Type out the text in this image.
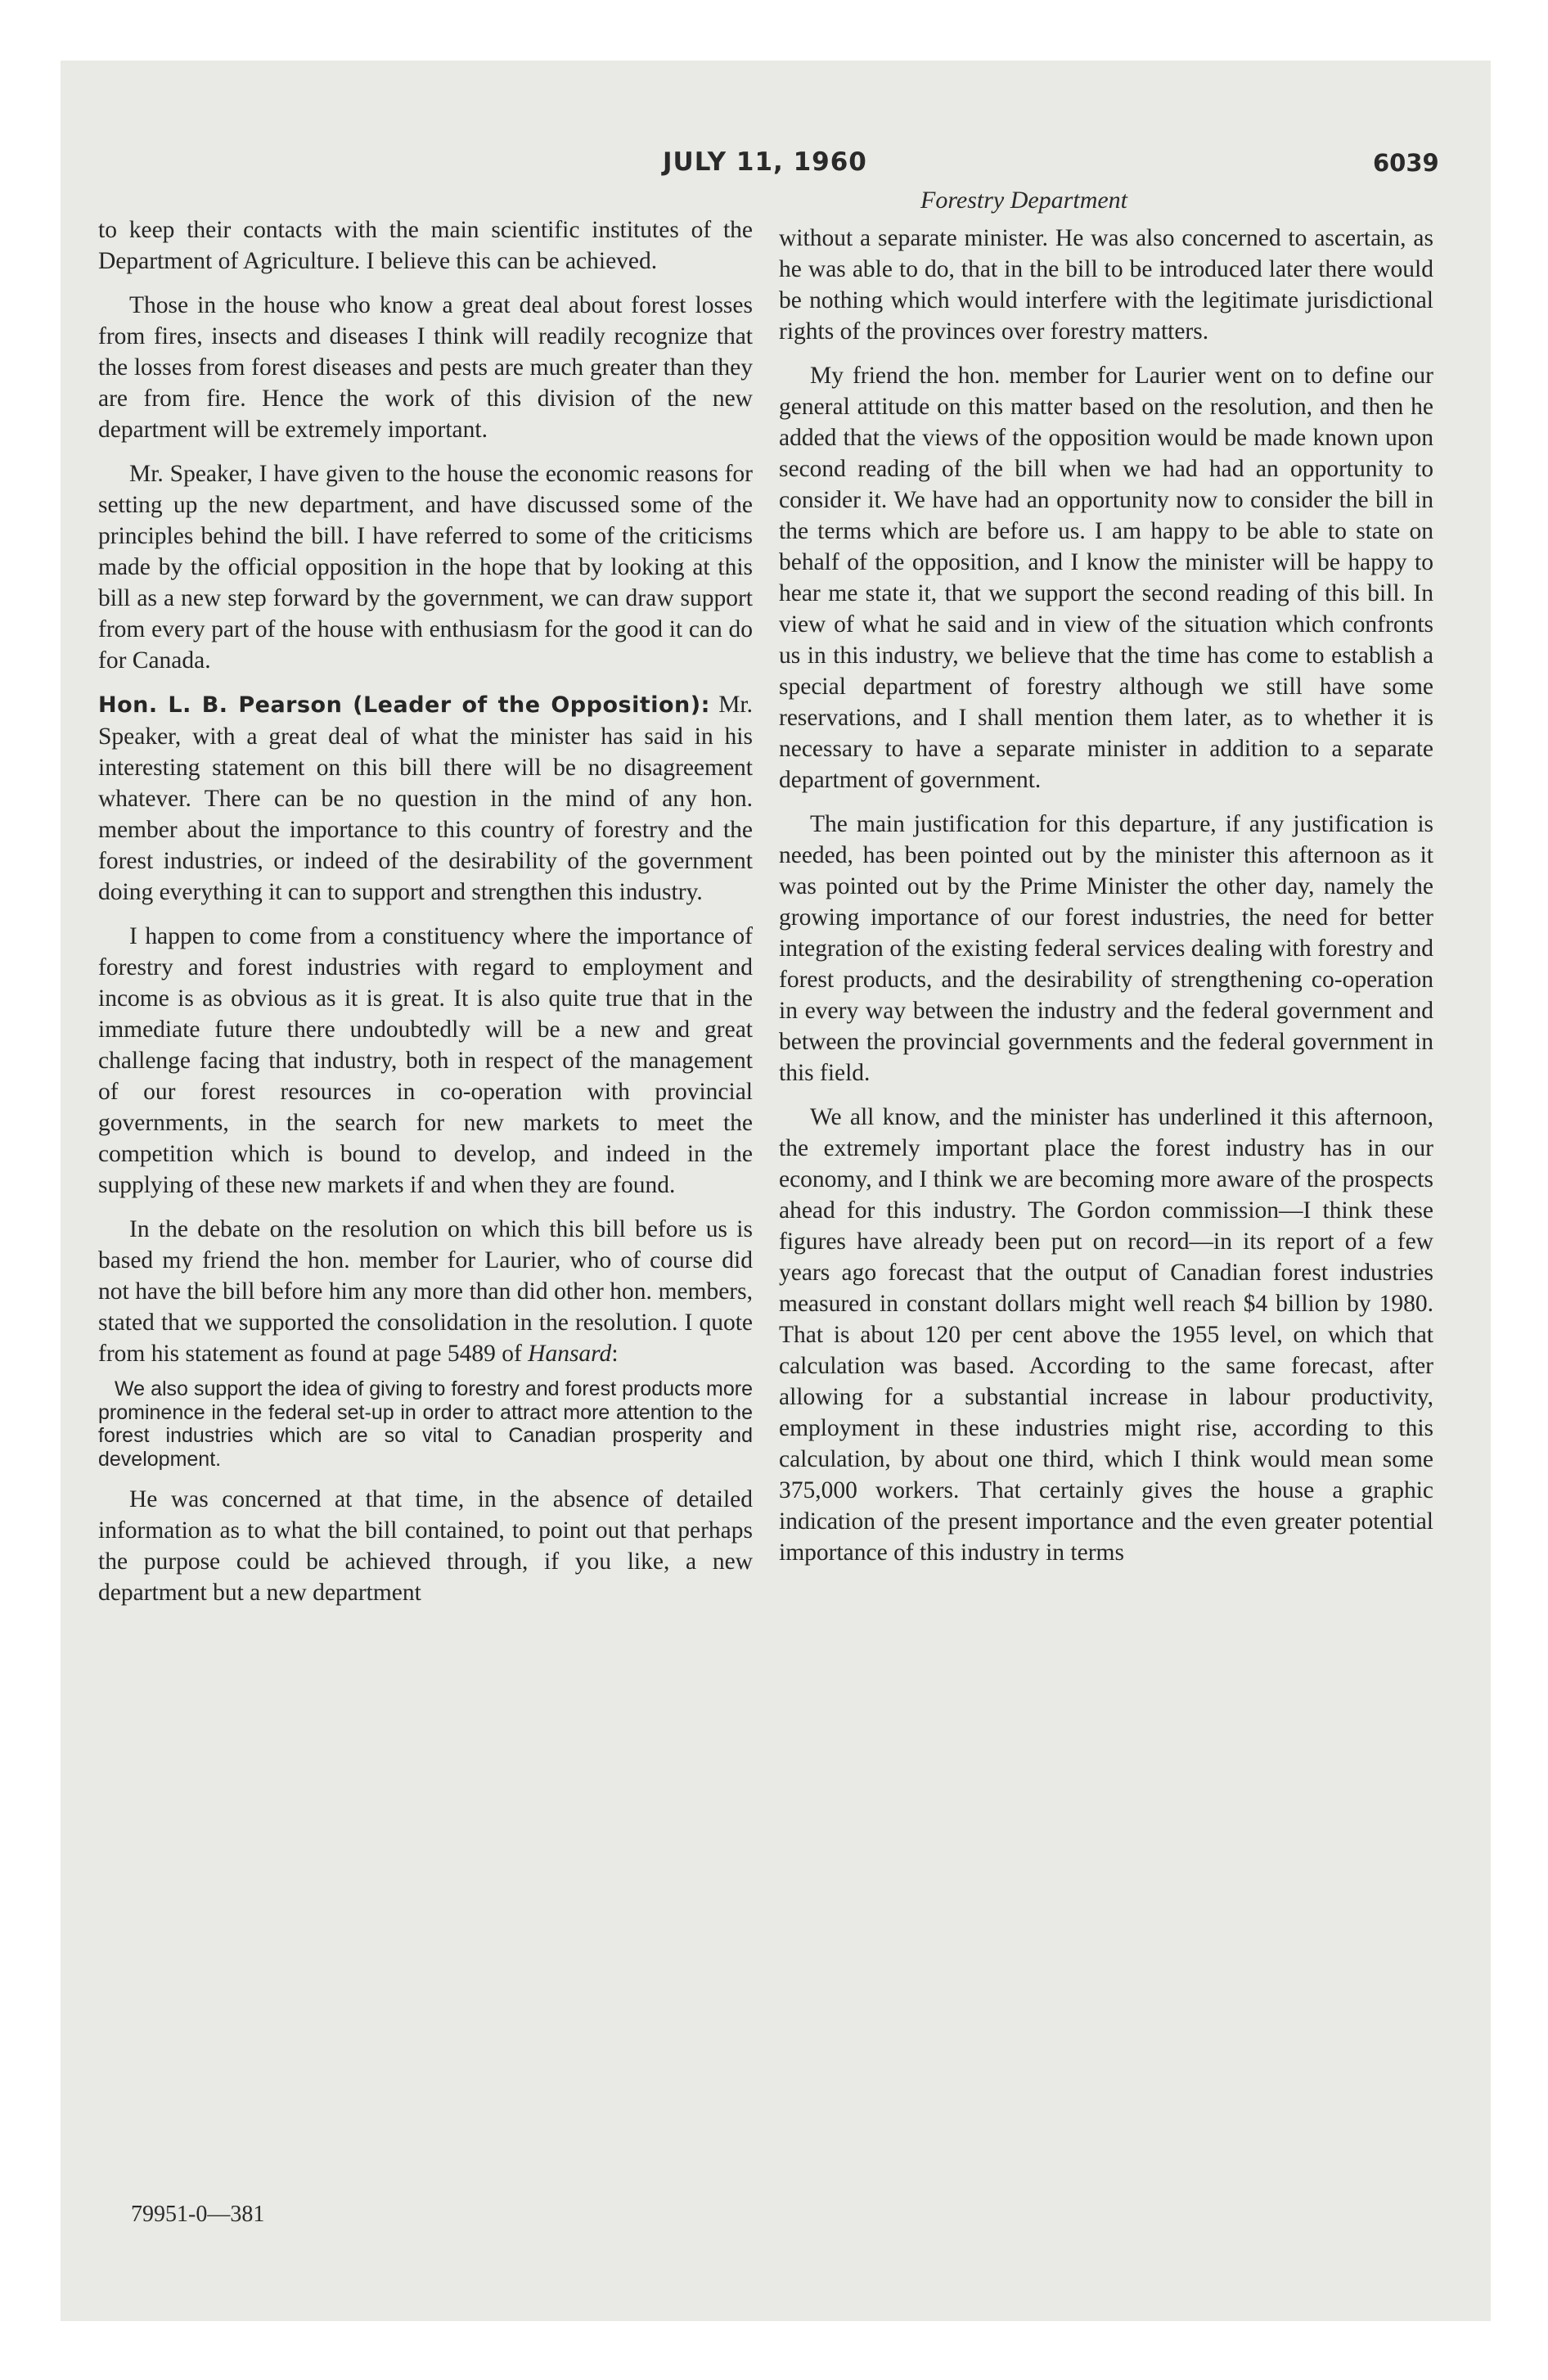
JULY 11, 1960	6039
Forestry Department

to keep their contacts with the main scientific institutes of the Department of Agriculture. I believe this can be achieved.

Those in the house who know a great deal about forest losses from fires, insects and diseases I think will readily recognize that the losses from forest diseases and pests are much greater than they are from fire. Hence the work of this division of the new department will be extremely important.

Mr. Speaker, I have given to the house the economic reasons for setting up the new department, and have discussed some of the principles behind the bill. I have referred to some of the criticisms made by the official opposition in the hope that by looking at this bill as a new step forward by the government, we can draw support from every part of the house with enthusiasm for the good it can do for Canada.

Hon. L. B. Pearson (Leader of the Opposition): Mr. Speaker, with a great deal of what the minister has said in his interesting statement on this bill there will be no disagreement whatever. There can be no question in the mind of any hon. member about the importance to this country of forestry and the forest industries, or indeed of the desirability of the government doing everything it can to support and strengthen this industry.

I happen to come from a constituency where the importance of forestry and forest industries with regard to employment and income is as obvious as it is great. It is also quite true that in the immediate future there undoubtedly will be a new and great challenge facing that industry, both in respect of the management of our forest resources in co-operation with provincial governments, in the search for new markets to meet the competition which is bound to develop, and indeed in the supplying of these new markets if and when they are found.

In the debate on the resolution on which this bill before us is based my friend the hon. member for Laurier, who of course did not have the bill before him any more than did other hon. members, stated that we supported the consolidation in the resolution. I quote from his statement as found at page 5489 of Hansard:

We also support the idea of giving to forestry and forest products more prominence in the federal set-up in order to attract more attention to the forest industries which are so vital to Canadian prosperity and development.

He was concerned at that time, in the absence of detailed information as to what the bill contained, to point out that perhaps the purpose could be achieved through, if you like, a new department but a new department

without a separate minister. He was also concerned to ascertain, as he was able to do, that in the bill to be introduced later there would be nothing which would interfere with the legitimate jurisdictional rights of the provinces over forestry matters.

My friend the hon. member for Laurier went on to define our general attitude on this matter based on the resolution, and then he added that the views of the opposition would be made known upon second reading of the bill when we had had an opportunity to consider it. We have had an opportunity now to consider the bill in the terms which are before us. I am happy to be able to state on behalf of the opposition, and I know the minister will be happy to hear me state it, that we support the second reading of this bill. In view of what he said and in view of the situation which confronts us in this industry, we believe that the time has come to establish a special department of forestry although we still have some reservations, and I shall mention them later, as to whether it is necessary to have a separate minister in addition to a separate department of government.

The main justification for this departure, if any justification is needed, has been pointed out by the minister this afternoon as it was pointed out by the Prime Minister the other day, namely the growing importance of our forest industries, the need for better integration of the existing federal services dealing with forestry and forest products, and the desirability of strengthening co-operation in every way between the industry and the federal government and between the provincial governments and the federal government in this field.

We all know, and the minister has underlined it this afternoon, the extremely important place the forest industry has in our economy, and I think we are becoming more aware of the prospects ahead for this industry. The Gordon commission—I think these figures have already been put on record—in its report of a few years ago forecast that the output of Canadian forest industries measured in constant dollars might well reach $4 billion by 1980. That is about 120 per cent above the 1955 level, on which that calculation was based. According to the same forecast, after allowing for a substantial increase in labour productivity, employment in these industries might rise, according to this calculation, by about one third, which I think would mean some 375,000 workers. That certainly gives the house a graphic indication of the present importance and the even greater potential importance of this industry in terms

79951-0—381
